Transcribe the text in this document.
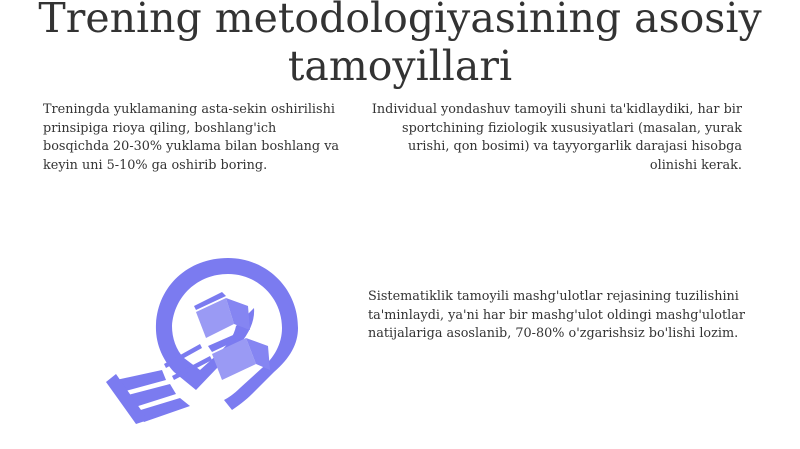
Trening metodologiyasining asosiy tamoyillari

Treningda yuklamaning asta-sekin oshirilishi prinsipiga rioya qiling, boshlang'ich bosqichda 20-30% yuklama bilan boshlang va keyin uni 5-10% ga oshirib boring.

Individual yondashuv tamoyili shuni ta'kidlaydiki, har bir sportchining fiziologik xususiyatlari (masalan, yurak urishi, qon bosimi) va tayyorgarlik darajasi hisobga olinishi kerak.

Sistematiklik tamoyili mashg'ulotlar rejasining tuzilishini ta'minlaydi, ya'ni har bir mashg'ulot oldingi mashg'ulotlar natijalariga asoslanib, 70-80% o'zgarishsiz bo'lishi lozim.
